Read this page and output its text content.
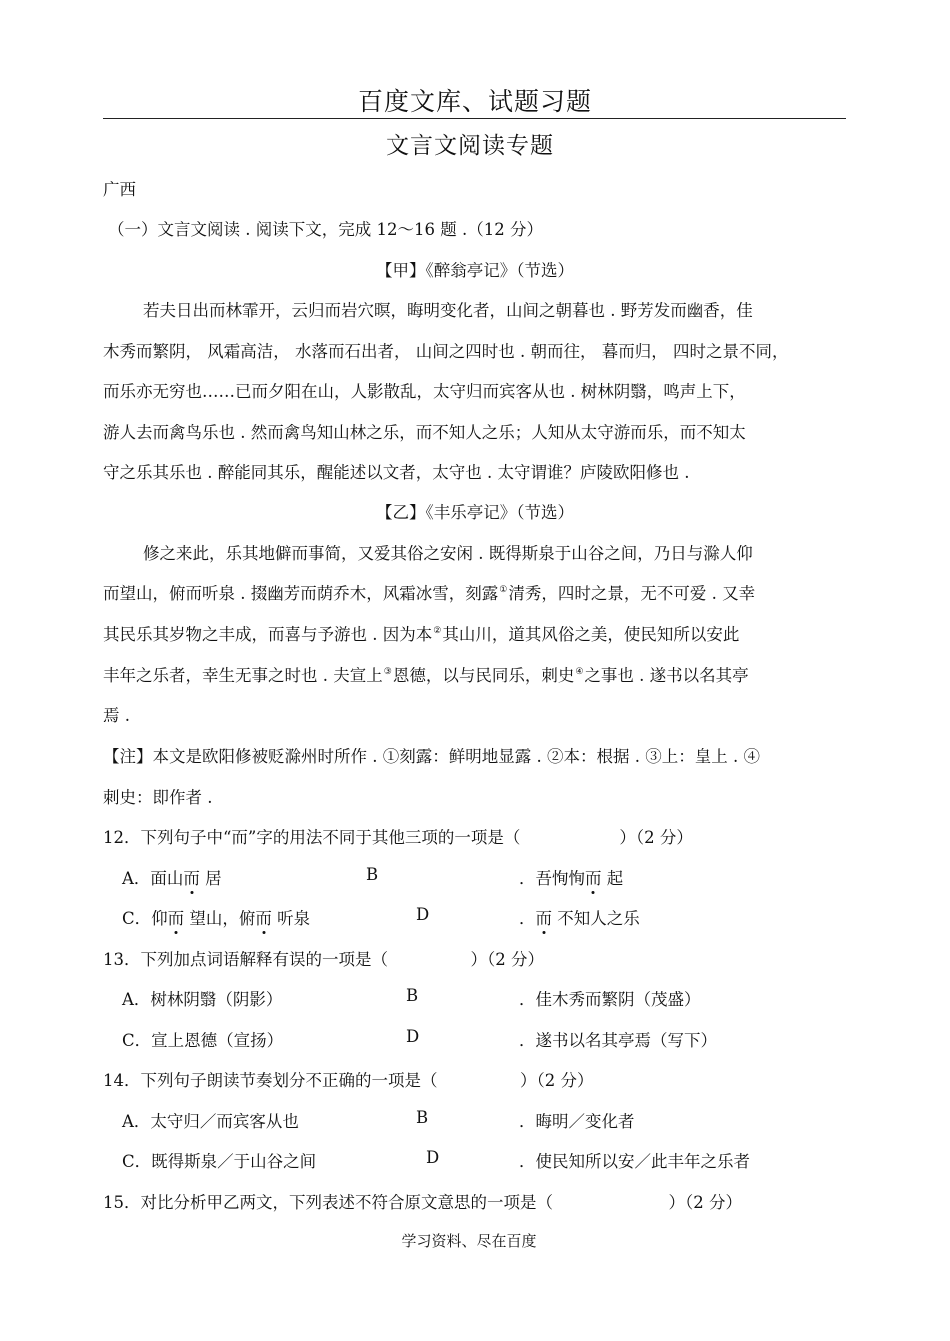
百度文库、试题习题
文言文阅读专题
广西
（一）文言文阅读 . 阅读下文，完成 12～16 题 .（12 分）
【甲】《醉翁亭记》（节选）
若夫日出而林霏开，云归而岩穴暝，晦明变化者，山间之朝暮也 . 野芳发而幽香，佳
木秀而繁阴， 风霜高洁， 水落而石出者， 山间之四时也 . 朝而往， 暮而归， 四时之景不同，
而乐亦无穷也……已而夕阳在山，人影散乱，太守归而宾客从也 . 树林阴翳，鸣声上下，
游人去而禽鸟乐也 . 然而禽鸟知山林之乐，而不知人之乐；人知从太守游而乐，而不知太
守之乐其乐也 . 醉能同其乐，醒能述以文者，太守也 . 太守谓谁？庐陵欧阳修也 .
【乙】《丰乐亭记》（节选）
修之来此，乐其地僻而事简，又爱其俗之安闲 . 既得斯泉于山谷之间，乃日与滁人仰
而望山，俯而听泉 . 掇幽芳而荫乔木，风霜冰雪，刻露①清秀，四时之景，无不可爱 . 又幸
其民乐其岁物之丰成，而喜与予游也 . 因为本②其山川，道其风俗之美，使民知所以安此
丰年之乐者，幸生无事之时也 . 夫宣上③恩德，以与民同乐，刺史④之事也 . 遂书以名其亭
焉 .
【注】本文是欧阳修被贬滁州时所作 . ①刻露：鲜明地显露 . ②本：根据 . ③上：皇上 . ④
刺史：即作者 .
12．下列句子中“而”字的用法不同于其他三项的一项是（　　　　　　）（2 分）
A．面山而 居	B	．吾恂恂而 起
C．仰而 望山，俯而 听泉	D	．而 不知人之乐
13．下列加点词语解释有误的一项是（　　　　　）（2 分）
A．树林阴翳（阴影）	B	．佳木秀而繁阴（茂盛）
C．宣上恩德（宣扬）	D	．遂书以名其亭焉（写下）
14．下列句子朗读节奏划分不正确的一项是（　　　　　）（2 分）
A．太守归／而宾客从也	B	．晦明／变化者
C．既得斯泉／于山谷之间	D	．使民知所以安／此丰年之乐者
15．对比分析甲乙两文，下列表述不符合原文意思的一项是（　　　　　　　）（2 分）
学习资料、尽在百度
